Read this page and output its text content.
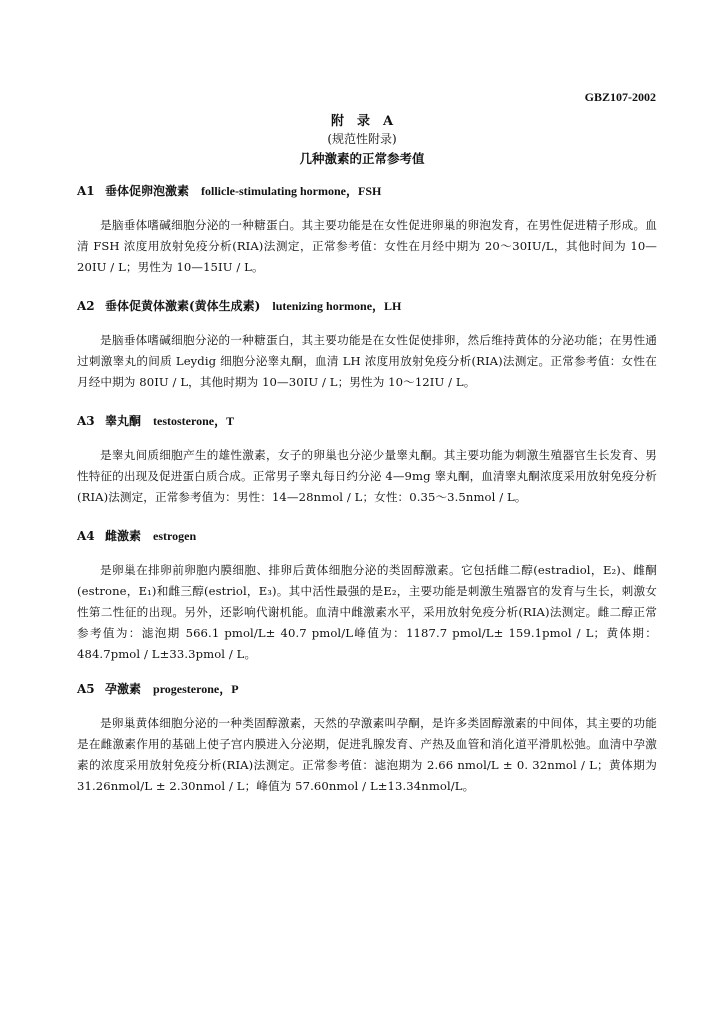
GBZ107-2002
附　录　A
(规范性附录)
几种激素的正常参考值
A1 垂体促卵泡激素 follicle-stimulating hormone，FSH
是脑垂体嗜碱细胞分泌的一种糖蛋白。其主要功能是在女性促进卵巢的卵泡发育，在男性促进精子形成。血清 FSH 浓度用放射免疫分析(RIA)法测定，正常参考值：女性在月经中期为 20～30IU/L，其他时间为 10—20IU / L；男性为 10—15IU / L。
A2 垂体促黄体激素(黄体生成素) lutenizing hormone，LH
是脑垂体嗜碱细胞分泌的一种糖蛋白，其主要功能是在女性促使排卵，然后维持黄体的分泌功能；在男性通过刺激睾丸的间质 Leydig 细胞分泌睾丸酮，血清 LH 浓度用放射免疫分析(RIA)法测定。正常参考值：女性在月经中期为 80IU / L，其他时期为 10—30IU / L；男性为 10～12IU / L。
A3 睾丸酮 testosterone，T
是睾丸间质细胞产生的雄性激素，女子的卵巢也分泌少量睾丸酮。其主要功能为刺激生殖器官生长发育、男性特征的出现及促进蛋白质合成。正常男子睾丸每日约分泌 4—9mg 睾丸酮，血清睾丸酮浓度采用放射免疫分析(RIA)法测定，正常参考值为：男性：14—28nmol / L；女性：0.35～3.5nmol / L。
A4 雌激素 estrogen
是卵巢在排卵前卵胞内膜细胞、排卵后黄体细胞分泌的类固醇激素。它包括雌二醇(estradiol，E₂)、雌酮(estrone，E₁)和雌三醇(estriol，E₃)。其中活性最强的是E₂，主要功能是刺激生殖器官的发育与生长，刺激女性第二性征的出现。另外，还影响代谢机能。血清中雌激素水平，采用放射免疫分析(RIA)法测定。雌二醇正常参考值为：滤泡期 566.1 pmol/L± 40.7 pmol/L峰值为：1187.7 pmol/L± 159.1pmol / L；黄体期：484.7pmol / L±33.3pmol / L。
A5 孕激素 progesterone，P
是卵巢黄体细胞分泌的一种类固醇激素，天然的孕激素叫孕酮，是许多类固醇激素的中间体，其主要的功能是在雌激素作用的基础上使子宫内膜进入分泌期，促进乳腺发育、产热及血管和消化道平滑肌松弛。血清中孕激素的浓度采用放射免疫分析(RIA)法测定。正常参考值：滤泡期为 2.66 nmol/L ± 0. 32nmol / L；黄体期为 31.26nmol/L ± 2.30nmol / L；峰值为 57.60nmol / L±13.34nmol/L。
